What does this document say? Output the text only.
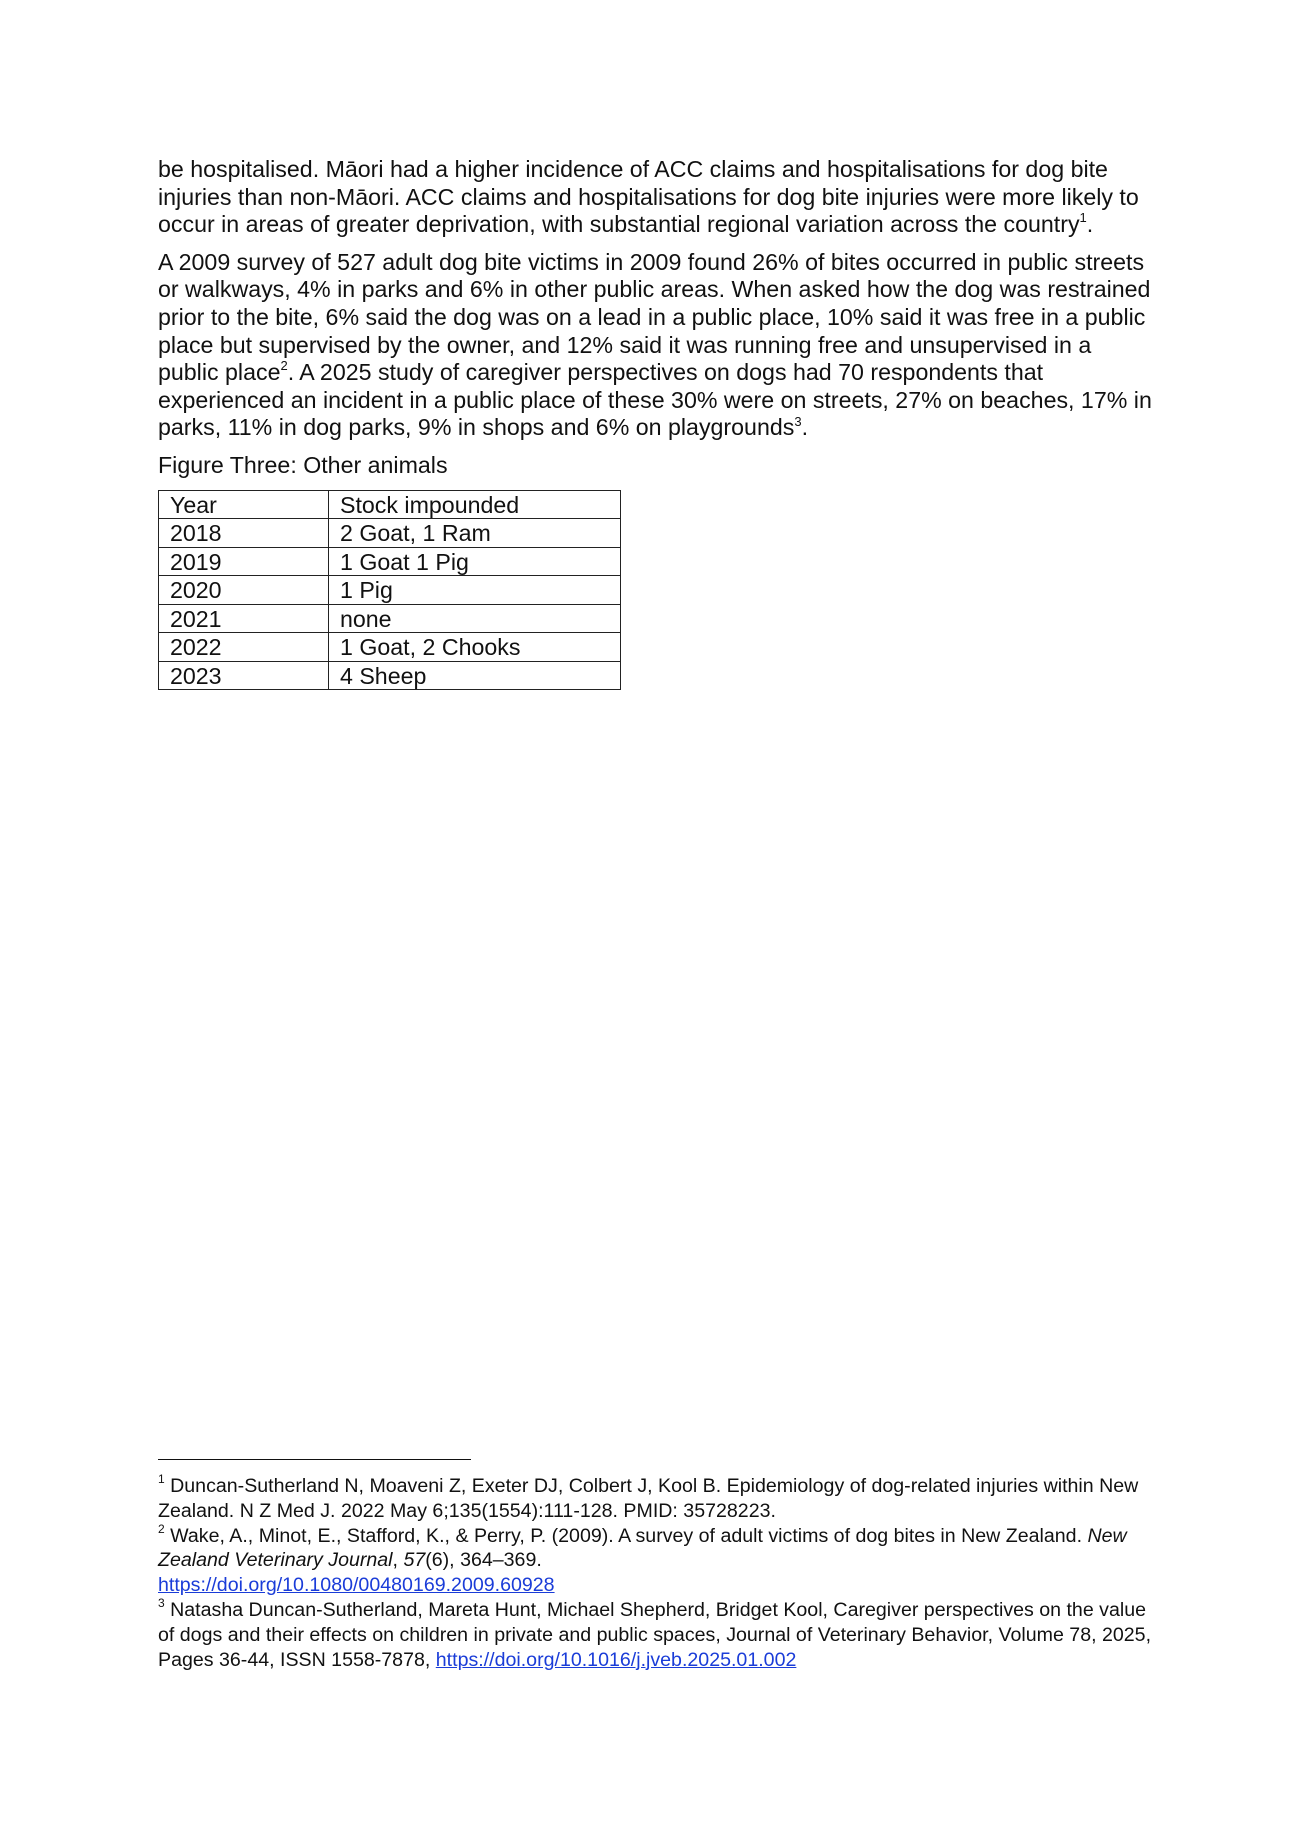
be hospitalised. Māori had a higher incidence of ACC claims and hospitalisations for dog bite injuries than non-Māori. ACC claims and hospitalisations for dog bite injuries were more likely to occur in areas of greater deprivation, with substantial regional variation across the country$^1$.

A 2009 survey of 527 adult dog bite victims in 2009 found 26% of bites occurred in public streets or walkways, 4% in parks and 6% in other public areas. When asked how the dog was restrained prior to the bite, 6% said the dog was on a lead in a public place, 10% said it was free in a public place but supervised by the owner, and 12% said it was running free and unsupervised in a public place$^2$. A 2025 study of caregiver perspectives on dogs had 70 respondents that experienced an incident in a public place of these 30% were on streets, 27% on beaches, 17% in parks, 11% in dog parks, 9% in shops and 6% on playgrounds$^3$.

Figure Three: Other animals

Year	Stock impounded
2018	2 Goat, 1 Ram
2019	1 Goat 1 Pig
2020	1 Pig
2021	none
2022	1 Goat, 2 Chooks
2023	4 Sheep

$^1$ Duncan-Sutherland N, Moaveni Z, Exeter DJ, Colbert J, Kool B. Epidemiology of dog-related injuries within New Zealand. N Z Med J. 2022 May 6;135(1554):111-128. PMID: 35728223.

$^2$ Wake, A., Minot, E., Stafford, K., & Perry, P. (2009). A survey of adult victims of dog bites in New Zealand. New Zealand Veterinary Journal, 57(6), 364–369.
https://doi.org/10.1080/00480169.2009.60928

$^3$ Natasha Duncan-Sutherland, Mareta Hunt, Michael Shepherd, Bridget Kool, Caregiver perspectives on the value of dogs and their effects on children in private and public spaces, Journal of Veterinary Behavior, Volume 78, 2025, Pages 36-44, ISSN 1558-7878, https://doi.org/10.1016/j.jveb.2025.01.002
